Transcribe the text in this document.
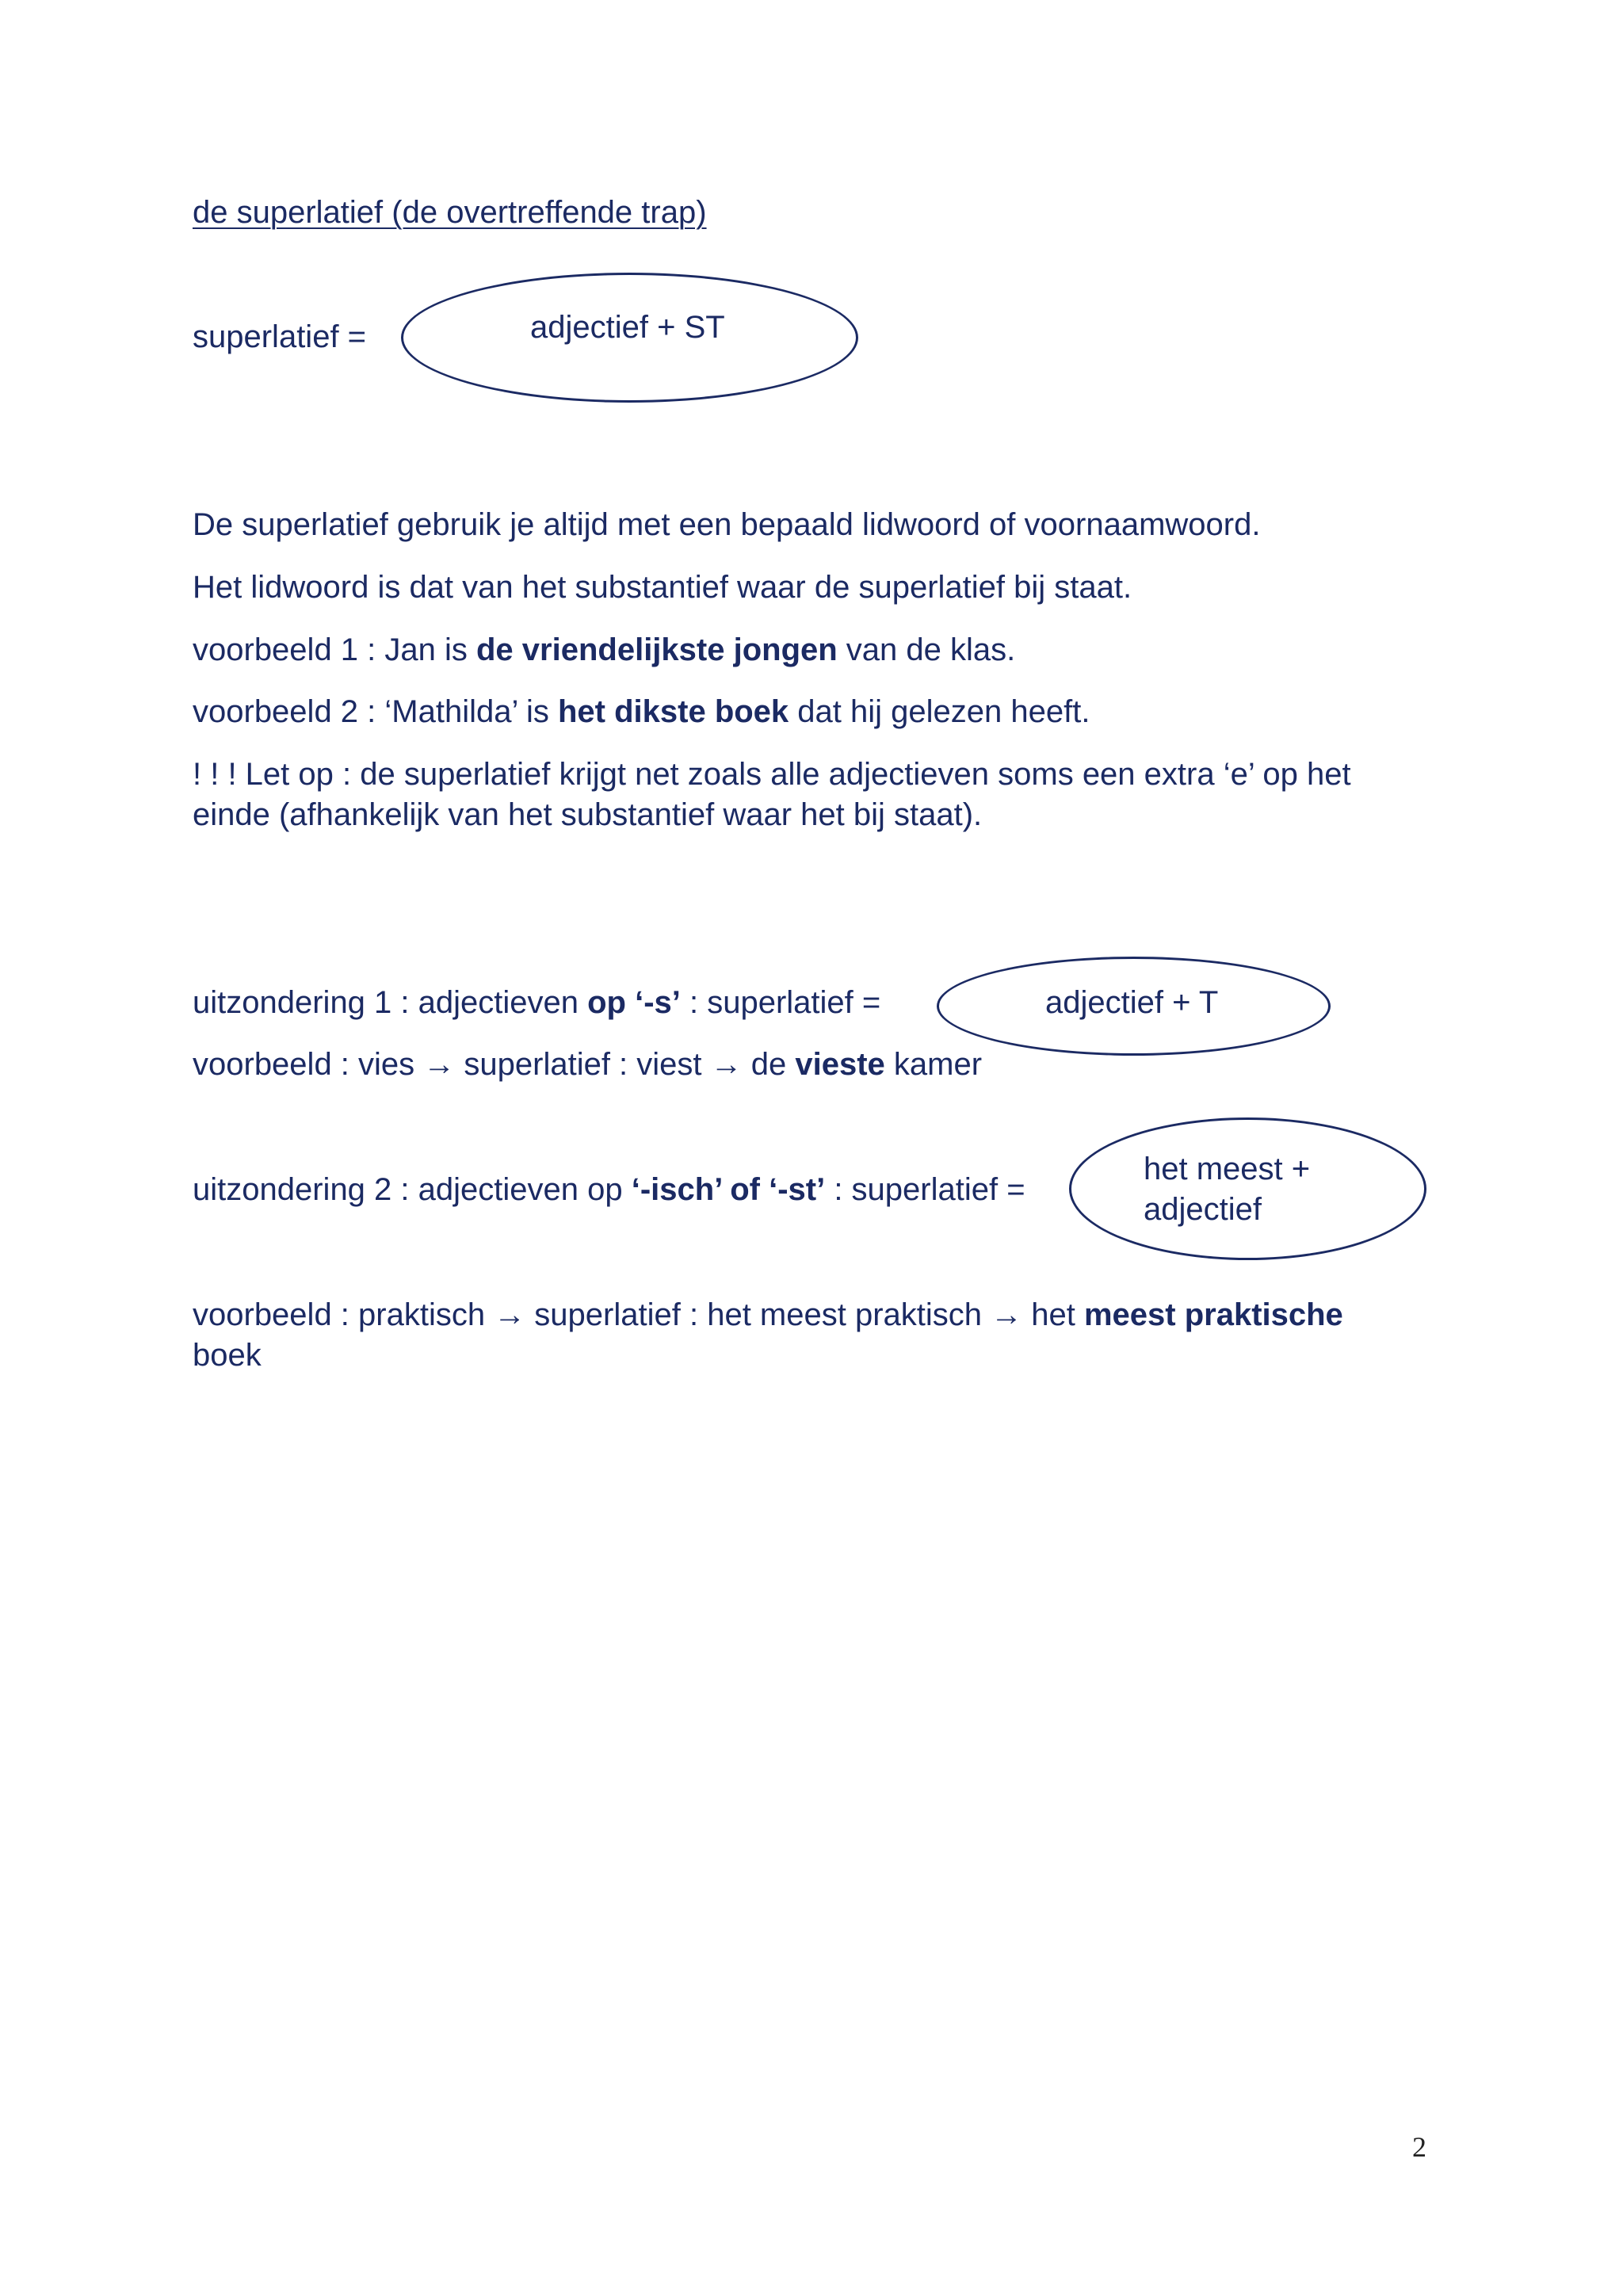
de superlatief (de overtreffende trap)
superlatief =	adjectief + ST
De superlatief gebruik je altijd met een bepaald lidwoord of voornaamwoord.
Het lidwoord is dat van het substantief waar de superlatief bij staat.
voorbeeld 1 : Jan is de vriendelijkste jongen van de klas.
voorbeeld 2 : ‘Mathilda’ is het dikste boek dat hij gelezen heeft.
! ! ! Let op : de superlatief krijgt net zoals alle adjectieven soms een extra ‘e’ op het
einde (afhankelijk van het substantief waar het bij staat).
uitzondering 1 : adjectieven op ‘-s’ : superlatief =	adjectief + T
voorbeeld : vies → superlatief : viest → de vieste kamer
uitzondering 2 : adjectieven op ‘-isch’ of ‘-st’ : superlatief =
het meest +
adjectief
voorbeeld : praktisch → superlatief : het meest praktisch → het meest praktische
boek
2
